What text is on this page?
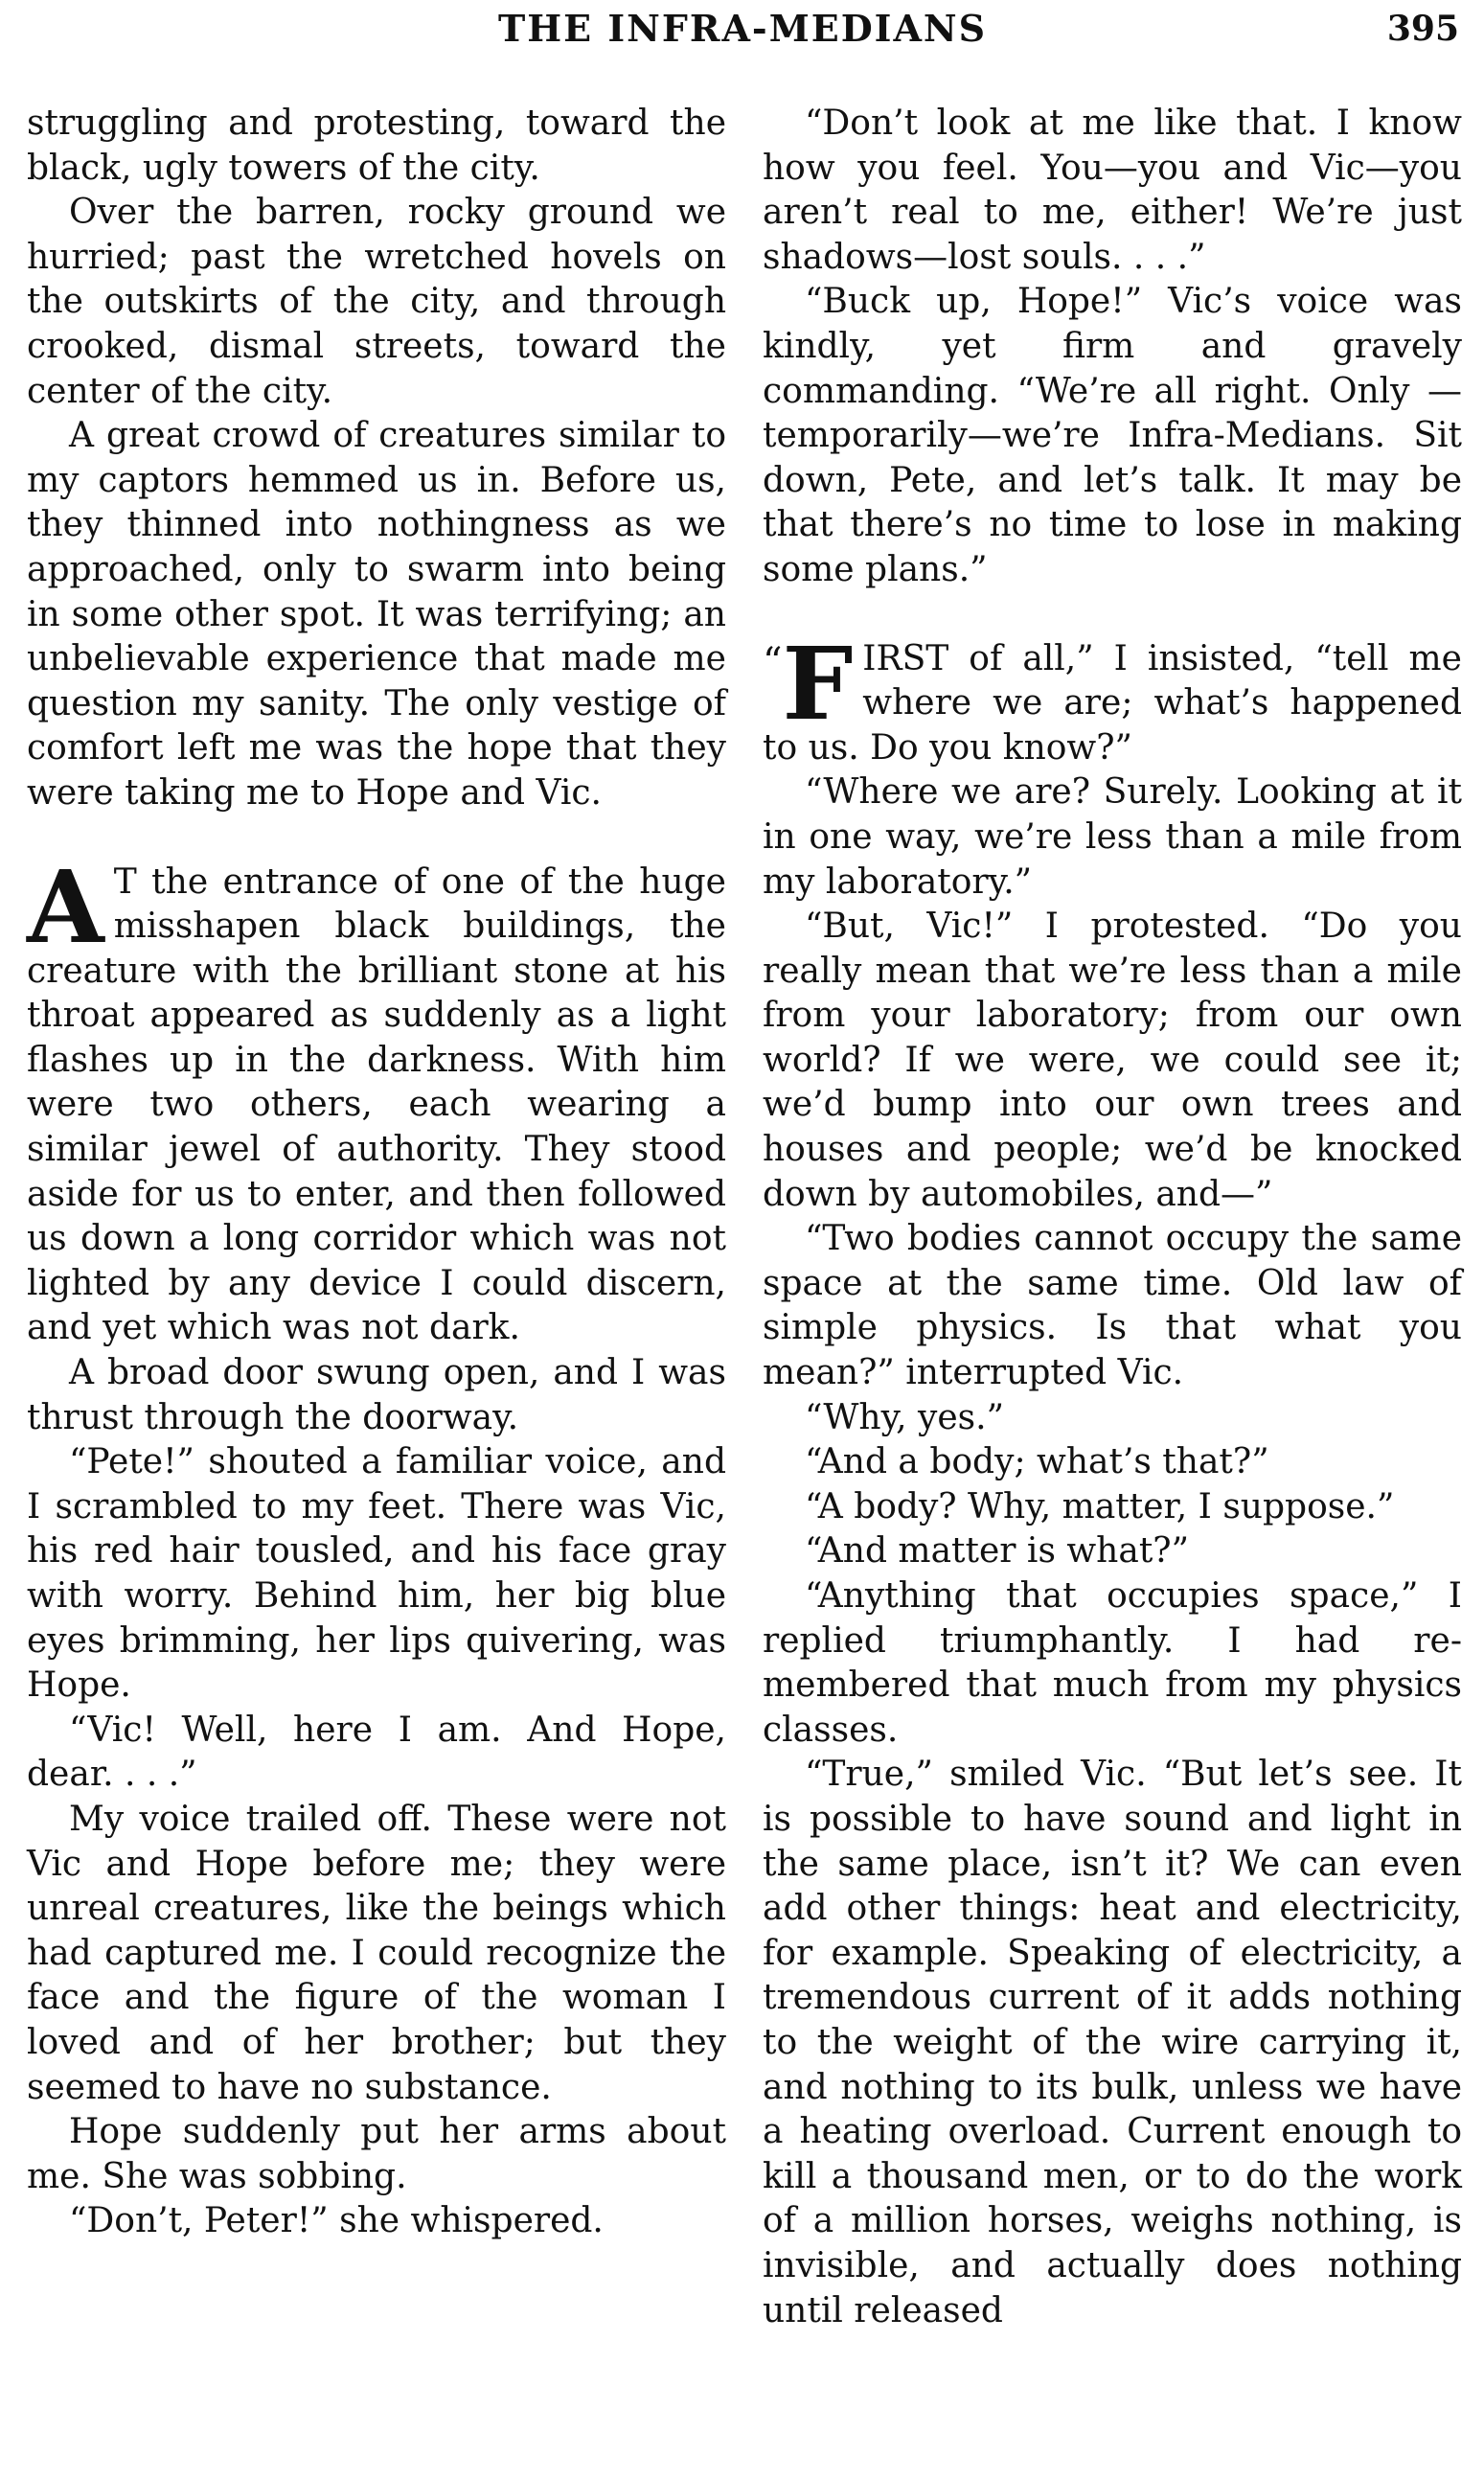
THE INFRA-MEDIANS	395

struggling and protesting, toward the black, ugly towers of the city.

Over the barren, rocky ground we hurried; past the wretched hovels on the outskirts of the city, and through crooked, dismal streets, toward the center of the city.

A great crowd of creatures similar to my captors hemmed us in. Before us, they thinned into nothingness as we approached, only to swarm into being in some other spot. It was terrifying; an unbelievable experience that made me question my sanity. The only vestige of comfort left me was the hope that they were taking me to Hope and Vic.

A T the entrance of one of the huge misshapen black buildings, the creature with the brilliant stone at his throat appeared as suddenly as a light flashes up in the darkness. With him were two others, each wearing a similar jewel of authority. They stood aside for us to enter, and then followed us down a long corridor which was not lighted by any device I could discern, and yet which was not dark.

A broad door swung open, and I was thrust through the doorway.

“Pete!” shouted a familiar voice, and I scrambled to my feet. There was Vic, his red hair tousled, and his face gray with worry. Behind him, her big blue eyes brimming, her lips quivering, was Hope.

“Vic! Well, here I am. And Hope, dear. . . .”

My voice trailed off. These were not Vic and Hope before me; they were unreal creatures, like the beings which had captured me. I could recognize the face and the figure of the woman I loved and of her brother; but they seemed to have no substance.

Hope suddenly put her arms about me. She was sobbing.

“Don’t, Peter!” she whispered.

“Don’t look at me like that. I know how you feel. You—you and Vic—you aren’t real to me, either! We’re just shadows—lost souls. . . .”

“Buck up, Hope!” Vic’s voice was kindly, yet firm and gravely commanding. “We’re all right. Only —temporarily—we’re Infra-Medians. Sit down, Pete, and let’s talk. It may be that there’s no time to lose in making some plans.”

“ F IRST of all,” I insisted, “tell me where we are; what’s happened to us. Do you know?”

“Where we are? Surely. Looking at it in one way, we’re less than a mile from my laboratory.”

“But, Vic!” I protested. “Do you really mean that we’re less than a mile from your laboratory; from our own world? If we were, we could see it; we’d bump into our own trees and houses and people; we’d be knocked down by automobiles, and—”

“Two bodies cannot occupy the same space at the same time. Old law of simple physics. Is that what you mean?” interrupted Vic.

“Why, yes.”

“And a body; what’s that?”

“A body? Why, matter, I suppose.”

“And matter is what?”

“Anything that occupies space,” I replied triumphantly. I had remembered that much from my physics classes.

“True,” smiled Vic. “But let’s see. It is possible to have sound and light in the same place, isn’t it? We can even add other things: heat and electricity, for example. Speaking of electricity, a tremendous current of it adds nothing to the weight of the wire carrying it, and nothing to its bulk, unless we have a heating overload. Current enough to kill a thousand men, or to do the work of a million horses, weighs nothing, is invisible, and actually does nothing until released
